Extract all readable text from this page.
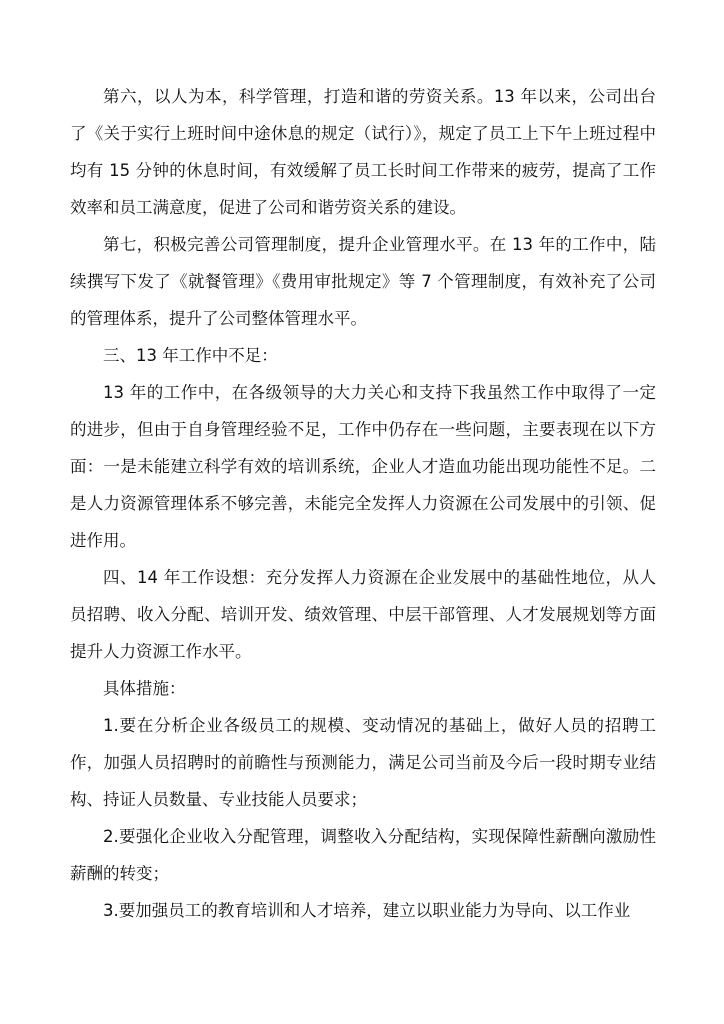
第六，以人为本，科学管理，打造和谐的劳资关系。13 年以来，公司出台了《关于实行上班时间中途休息的规定（试行）》，规定了员工上下午上班过程中均有 15 分钟的休息时间，有效缓解了员工长时间工作带来的疲劳，提高了工作效率和员工满意度，促进了公司和谐劳资关系的建设。

第七，积极完善公司管理制度，提升企业管理水平。在 13 年的工作中，陆续撰写下发了《就餐管理》《费用审批规定》等 7 个管理制度，有效补充了公司的管理体系，提升了公司整体管理水平。

三、13 年工作中不足：

13 年的工作中，在各级领导的大力关心和支持下我虽然工作中取得了一定的进步，但由于自身管理经验不足，工作中仍存在一些问题，主要表现在以下方面：一是未能建立科学有效的培训系统，企业人才造血功能出现功能性不足。二是人力资源管理体系不够完善，未能完全发挥人力资源在公司发展中的引领、促进作用。

四、14 年工作设想：充分发挥人力资源在企业发展中的基础性地位，从人员招聘、收入分配、培训开发、绩效管理、中层干部管理、人才发展规划等方面提升人力资源工作水平。

具体措施：

1.要在分析企业各级员工的规模、变动情况的基础上，做好人员的招聘工作，加强人员招聘时的前瞻性与预测能力，满足公司当前及今后一段时期专业结构、持证人员数量、专业技能人员要求；

2.要强化企业收入分配管理，调整收入分配结构，实现保障性薪酬向激励性薪酬的转变；

3.要加强员工的教育培训和人才培养，建立以职业能力为导向、以工作业
